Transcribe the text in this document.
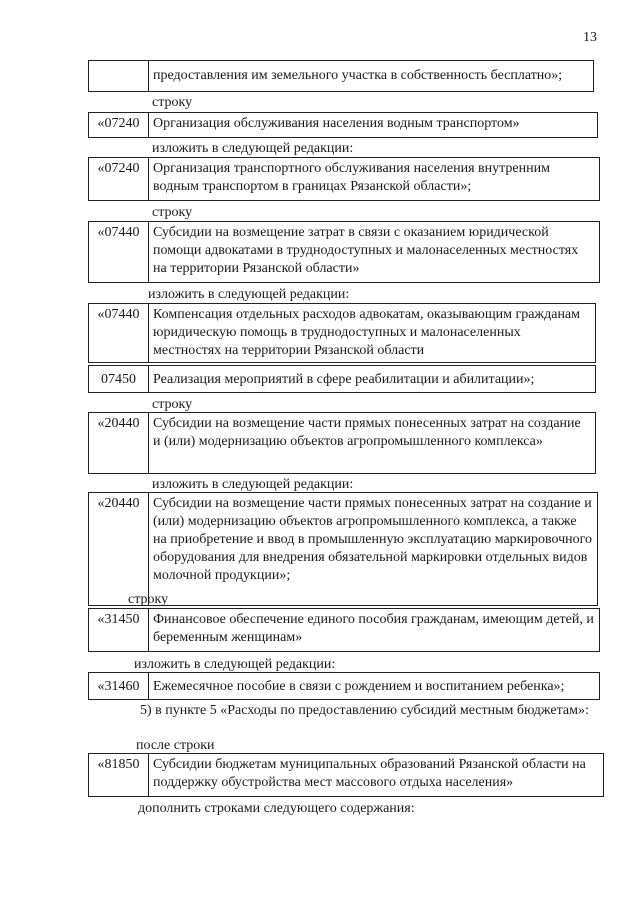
13
предоставления им земельного участка в собственность бесплатно»;
строку
«07240 Организация обслуживания населения водным транспортом»
изложить в следующей редакции:
«07240 Организация транспортного обслуживания населения внутренним водным транспортом в границах Рязанской области»;
строку
«07440 Субсидии на возмещение затрат в связи с оказанием юридической помощи адвокатами в труднодоступных и малонаселенных местностях на территории Рязанской области»
изложить в следующей редакции:
«07440 Компенсация отдельных расходов адвокатам, оказывающим гражданам юридическую помощь в труднодоступных и малонаселенных местностях на территории Рязанской области
07450	Реализация мероприятий в сфере реабилитации и абилитации»;
строку
«20440 Субсидии на возмещение части прямых понесенных затрат на создание и (или) модернизацию объектов агропромышленного комплекса»
изложить в следующей редакции:
«20440 Субсидии на возмещение части прямых понесенных затрат на создание и (или) модернизацию объектов агропромышленного комплекса, а также на приобретение и ввод в промышленную эксплуатацию маркировочного оборудования для внедрения обязательной маркировки отдельных видов молочной продукции»;
строку
«31450 Финансовое обеспечение единого пособия гражданам, имеющим детей, и беременным женщинам»
изложить в следующей редакции:
«31460 Ежемесячное пособие в связи с рождением и воспитанием ребенка»;
5) в пункте 5 «Расходы по предоставлению субсидий местным бюджетам»:
после строки
«81850 Субсидии бюджетам муниципальных образований Рязанской области на поддержку обустройства мест массового отдыха населения»
дополнить строками следующего содержания:
